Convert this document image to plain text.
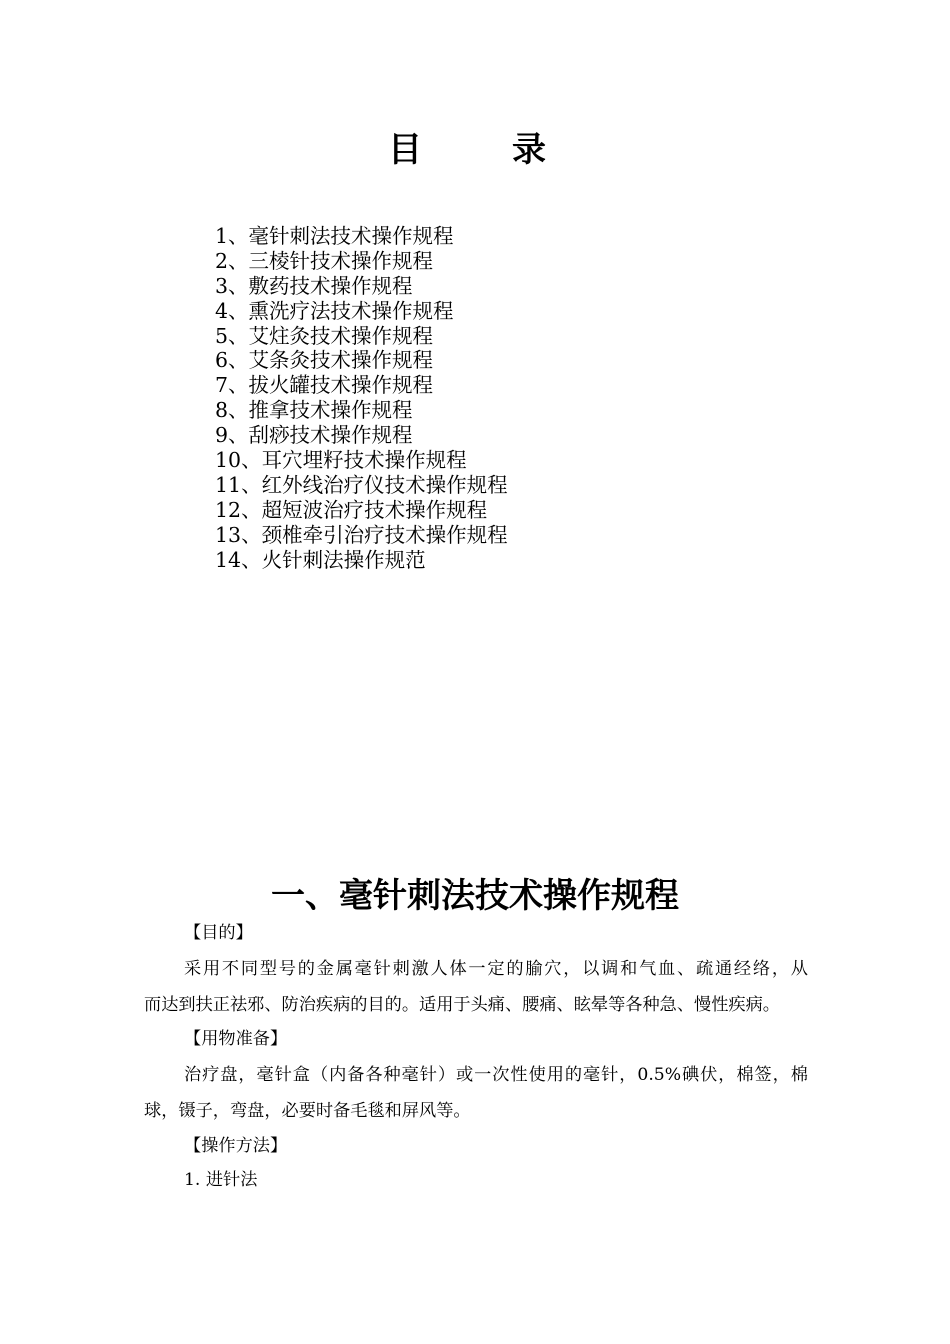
目	录
1、毫针刺法技术操作规程
2、三棱针技术操作规程
3、敷药技术操作规程
4、熏洗疗法技术操作规程
5、艾炷灸技术操作规程
6、艾条灸技术操作规程
7、拔火罐技术操作规程
8、推拿技术操作规程
9、刮痧技术操作规程
10、耳穴埋籽技术操作规程
11、红外线治疗仪技术操作规程
12、超短波治疗技术操作规程
13、颈椎牵引治疗技术操作规程
14、火针刺法操作规范
一、毫针刺法技术操作规程
【目的】
采用不同型号的金属毫针刺激人体一定的腧穴，以调和气血、疏通经络，从
而达到扶正祛邪、防治疾病的目的。适用于头痛、腰痛、眩晕等各种急、慢性疾病。
【用物准备】
治疗盘，毫针盒（内备各种毫针）或一次性使用的毫针，0.5%碘伏，棉签，棉
球，镊子，弯盘，必要时备毛毯和屏风等。
【操作方法】
1. 进针法
